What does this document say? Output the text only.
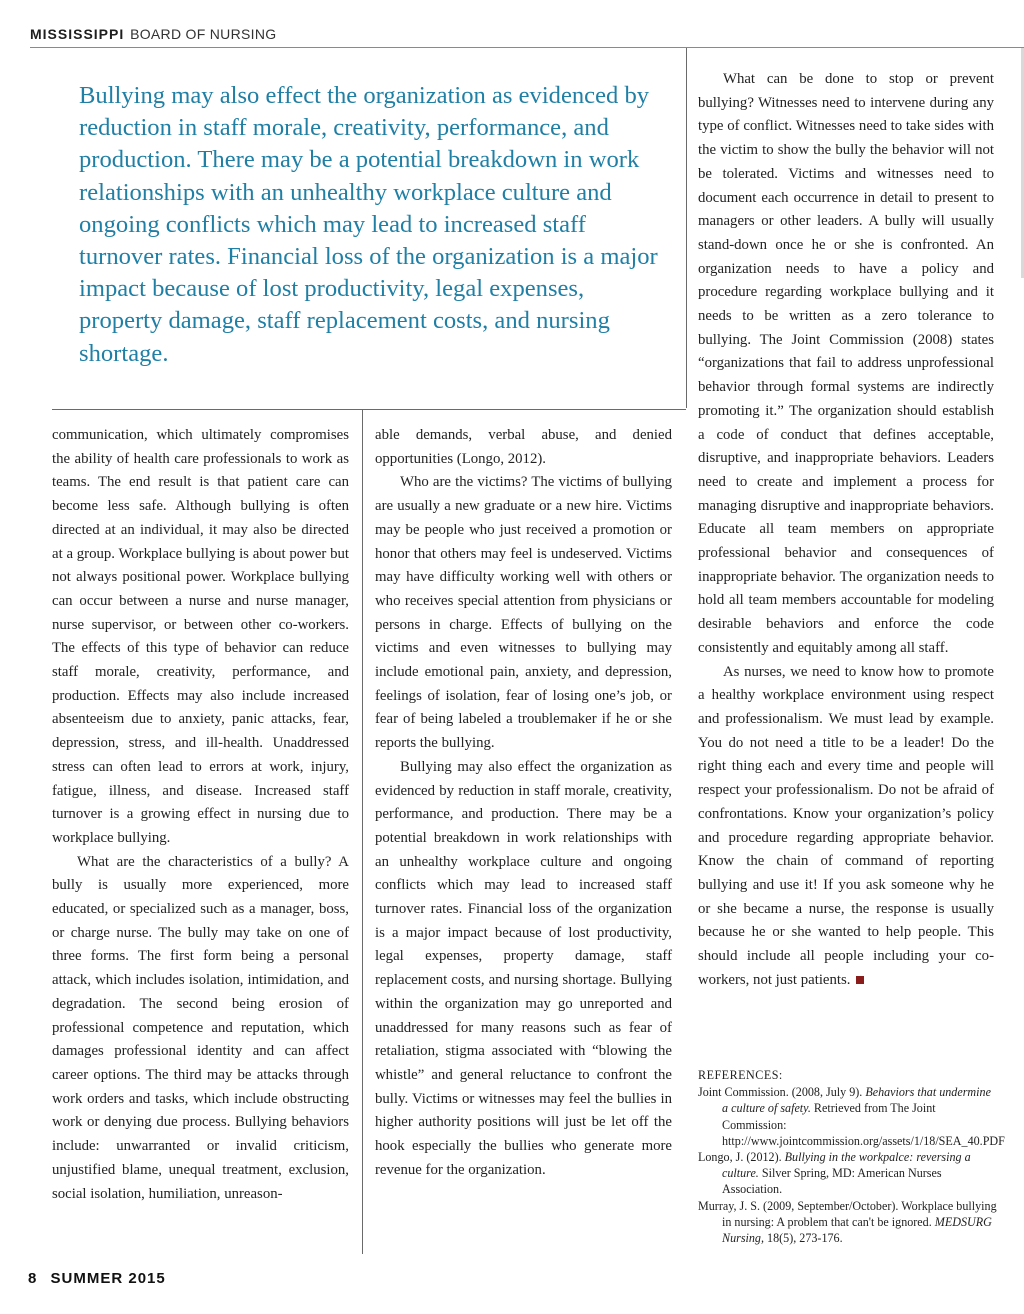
MISSISSIPPI BOARD OF NURSING
Bullying may also effect the organization as evidenced by reduction in staff morale, creativity, performance, and production. There may be a potential breakdown in work relationships with an unhealthy workplace culture and ongoing conflicts which may lead to increased staff turnover rates. Financial loss of the organization is a major impact because of lost productivity, legal expenses, property damage, staff replacement costs, and nursing shortage.

communication, which ultimately compromises the ability of health care professionals to work as teams. The end result is that patient care can become less safe. Although bullying is often directed at an individual, it may also be directed at a group. Workplace bullying is about power but not always positional power. Workplace bullying can occur between a nurse and nurse manager, nurse supervisor, or between other co-workers. The effects of this type of behavior can reduce staff morale, creativity, performance, and production. Effects may also include increased absenteeism due to anxiety, panic attacks, fear, depression, stress, and ill-health. Unaddressed stress can often lead to errors at work, injury, fatigue, illness, and disease. Increased staff turnover is a growing effect in nursing due to workplace bullying.

What are the characteristics of a bully? A bully is usually more experienced, more educated, or specialized such as a manager, boss, or charge nurse. The bully may take on one of three forms. The first form being a personal attack, which includes isolation, intimidation, and degradation. The second being erosion of professional competence and reputation, which damages professional identity and can affect career options. The third may be attacks through work orders and tasks, which include obstructing work or denying due process. Bullying behaviors include: unwarranted or invalid criticism, unjustified blame, unequal treatment, exclusion, social isolation, humiliation, unreason-

able demands, verbal abuse, and denied opportunities (Longo, 2012).

Who are the victims? The victims of bullying are usually a new graduate or a new hire. Victims may be people who just received a promotion or honor that others may feel is undeserved. Victims may have difficulty working well with others or who receives special attention from physicians or persons in charge. Effects of bullying on the victims and even witnesses to bullying may include emotional pain, anxiety, and depression, feelings of isolation, fear of losing one’s job, or fear of being labeled a troublemaker if he or she reports the bullying.

Bullying may also effect the organization as evidenced by reduction in staff morale, creativity, performance, and production. There may be a potential breakdown in work relationships with an unhealthy workplace culture and ongoing conflicts which may lead to increased staff turnover rates. Financial loss of the organization is a major impact because of lost productivity, legal expenses, property damage, staff replacement costs, and nursing shortage. Bullying within the organization may go unreported and unaddressed for many reasons such as fear of retaliation, stigma associated with “blowing the whistle” and general reluctance to confront the bully. Victims or witnesses may feel the bullies in higher authority positions will just be let off the hook especially the bullies who generate more revenue for the organization.

What can be done to stop or prevent bullying? Witnesses need to intervene during any type of conflict. Witnesses need to take sides with the victim to show the bully the behavior will not be tolerated. Victims and witnesses need to document each occurrence in detail to present to managers or other leaders. A bully will usually stand-down once he or she is confronted. An organization needs to have a policy and procedure regarding workplace bullying and it needs to be written as a zero tolerance to bullying. The Joint Commission (2008) states “organizations that fail to address unprofessional behavior through formal systems are indirectly promoting it.” The organization should establish a code of conduct that defines acceptable, disruptive, and inappropriate behaviors. Leaders need to create and implement a process for managing disruptive and inappropriate behaviors. Educate all team members on appropriate professional behavior and consequences of inappropriate behavior. The organization needs to hold all team members accountable for modeling desirable behaviors and enforce the code consistently and equitably among all staff.

As nurses, we need to know how to promote a healthy workplace environment using respect and professionalism. We must lead by example. You do not need a title to be a leader! Do the right thing each and every time and people will respect your professionalism. Do not be afraid of confrontations. Know your organization’s policy and procedure regarding appropriate behavior. Know the chain of command of reporting bullying and use it! If you ask someone why he or she became a nurse, the response is usually because he or she wanted to help people. This should include all people including your co-workers, not just patients.

REFERENCES:
Joint Commission. (2008, July 9). Behaviors that undermine a culture of safety. Retrieved from The Joint Commission: http://www.jointcommission.org/assets/1/18/SEA_40.PDF
Longo, J. (2012). Bullying in the workpalce: reversing a culture. Silver Spring, MD: American Nurses Association.
Murray, J. S. (2009, September/October). Workplace bullying in nursing: A problem that can't be ignored. MEDSURG Nursing, 18(5), 273-176.
8 SUMMER 2015
